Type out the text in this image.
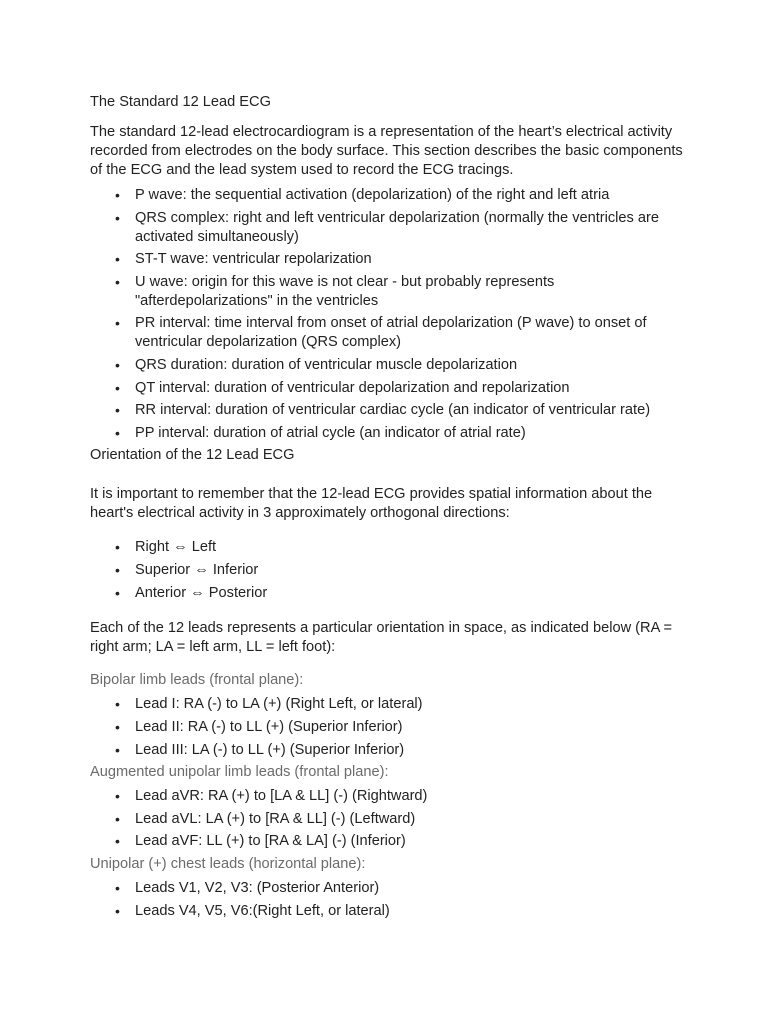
The Standard 12 Lead ECG

The standard 12-lead electrocardiogram is a representation of the heart’s electrical activity recorded from electrodes on the body surface. This section describes the basic components of the ECG and the lead system used to record the ECG tracings.

• P wave: the sequential activation (depolarization) of the right and left atria
• QRS complex: right and left ventricular depolarization (normally the ventricles are activated simultaneously)
• ST-T wave: ventricular repolarization
• U wave: origin for this wave is not clear - but probably represents "afterdepolarizations" in the ventricles
• PR interval: time interval from onset of atrial depolarization (P wave) to onset of ventricular depolarization (QRS complex)
• QRS duration: duration of ventricular muscle depolarization
• QT interval: duration of ventricular depolarization and repolarization
• RR interval: duration of ventricular cardiac cycle (an indicator of ventricular rate)
• PP interval: duration of atrial cycle (an indicator of atrial rate)

Orientation of the 12 Lead ECG

It is important to remember that the 12-lead ECG provides spatial information about the heart's electrical activity in 3 approximately orthogonal directions:

• Right ⇔ Left
• Superior ⇔ Inferior
• Anterior ⇔ Posterior

Each of the 12 leads represents a particular orientation in space, as indicated below (RA = right arm; LA = left arm, LL = left foot):

Bipolar limb leads (frontal plane):

• Lead I: RA (-) to LA (+) (Right Left, or lateral)
• Lead II: RA (-) to LL (+) (Superior Inferior)
• Lead III: LA (-) to LL (+) (Superior Inferior)

Augmented unipolar limb leads (frontal plane):

• Lead aVR: RA (+) to [LA & LL] (-) (Rightward)
• Lead aVL: LA (+) to [RA & LL] (-) (Leftward)
• Lead aVF: LL (+) to [RA & LA] (-) (Inferior)

Unipolar (+) chest leads (horizontal plane):

• Leads V1, V2, V3: (Posterior Anterior)
• Leads V4, V5, V6:(Right Left, or lateral)
